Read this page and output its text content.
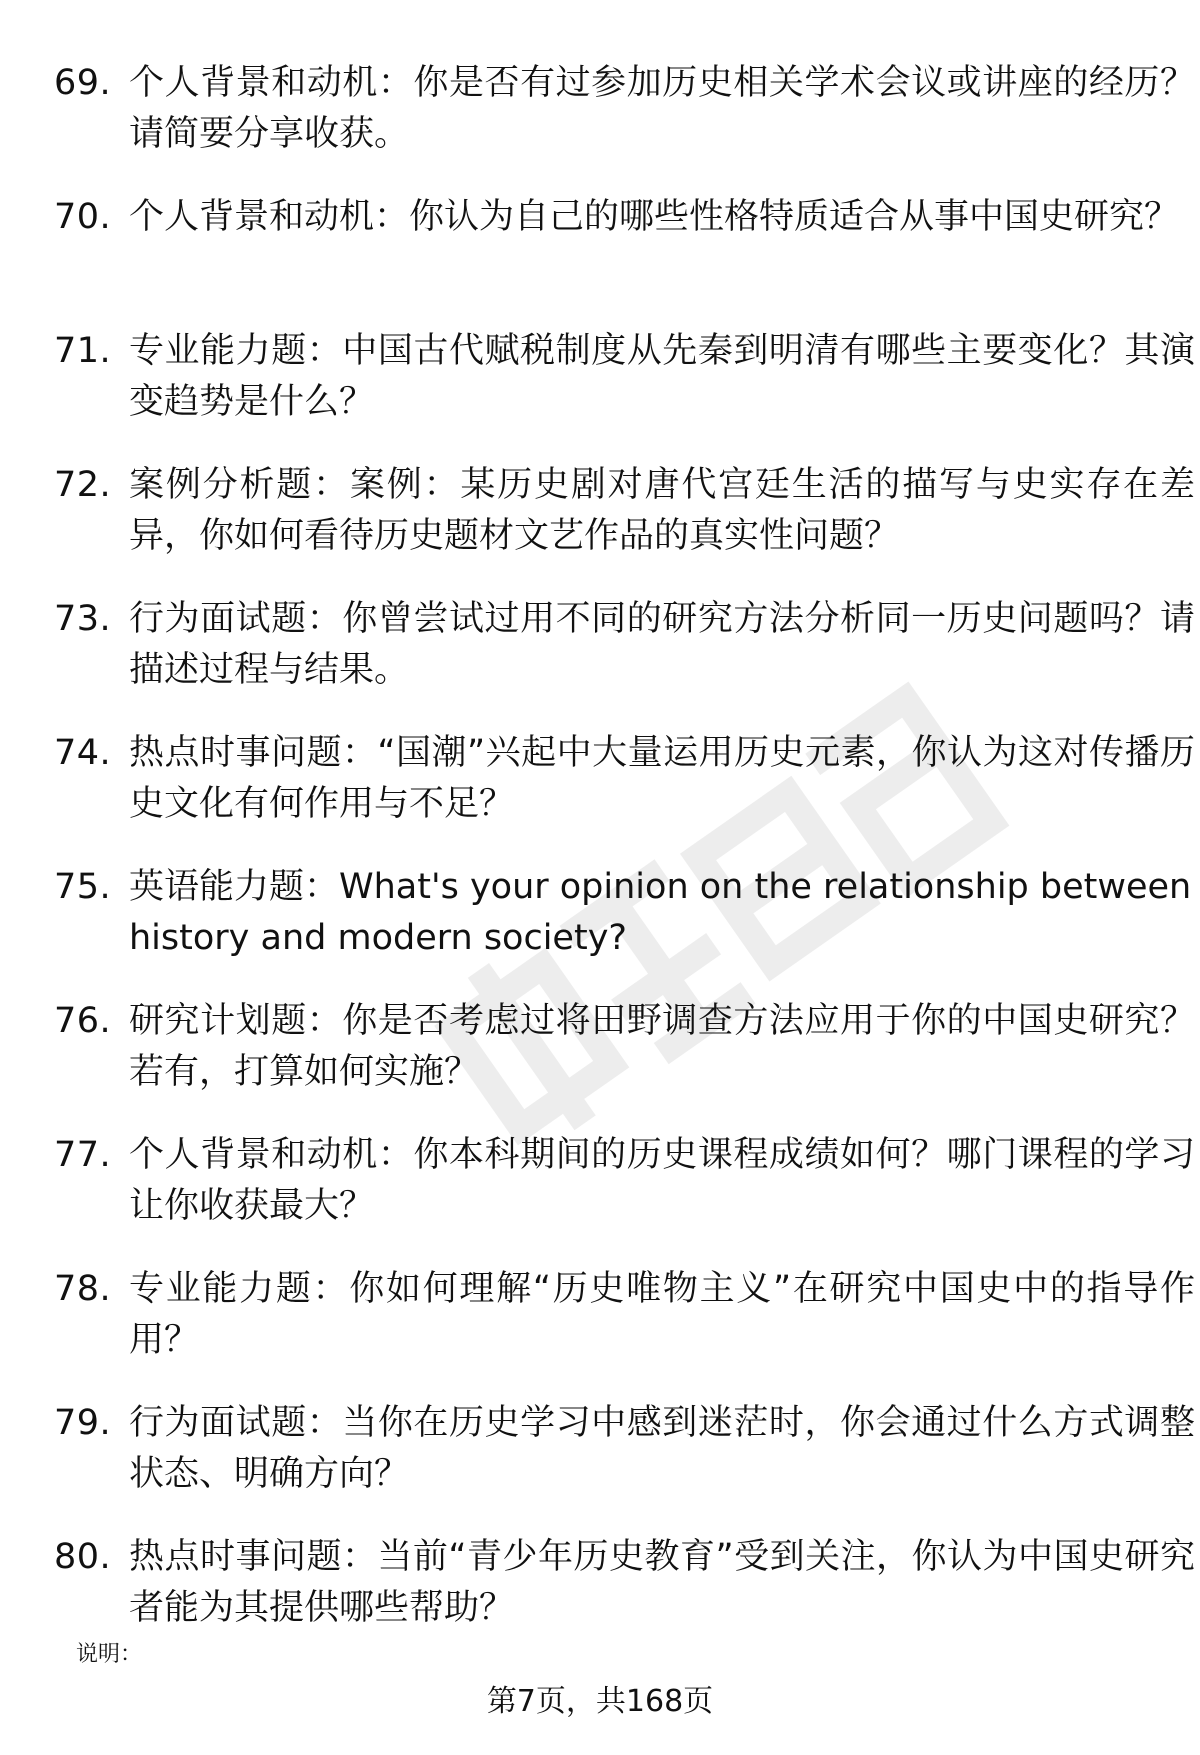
69. 个人背景和动机：你是否有过参加历史相关学术会议或讲座的经历？请简要分享收获。
70. 个人背景和动机：你认为自己的哪些性格特质适合从事中国史研究？
71. 专业能力题：中国古代赋税制度从先秦到明清有哪些主要变化？其演变趋势是什么？
72. 案例分析题：案例：某历史剧对唐代宫廷生活的描写与史实存在差异，你如何看待历史题材文艺作品的真实性问题？
73. 行为面试题：你曾尝试过用不同的研究方法分析同一历史问题吗？请描述过程与结果。
74. 热点时事问题：“国潮”兴起中大量运用历史元素，你认为这对传播历史文化有何作用与不足？
75. 英语能力题：What's your opinion on the relationship between history and modern society?
76. 研究计划题：你是否考虑过将田野调查方法应用于你的中国史研究？若有，打算如何实施？
77. 个人背景和动机：你本科期间的历史课程成绩如何？哪门课程的学习让你收获最大？
78. 专业能力题：你如何理解“历史唯物主义”在研究中国史中的指导作用？
79. 行为面试题：当你在历史学习中感到迷茫时，你会通过什么方式调整状态、明确方向？
80. 热点时事问题：当前“青少年历史教育”受到关注，你认为中国史研究者能为其提供哪些帮助？
说明：
第7页，共168页
